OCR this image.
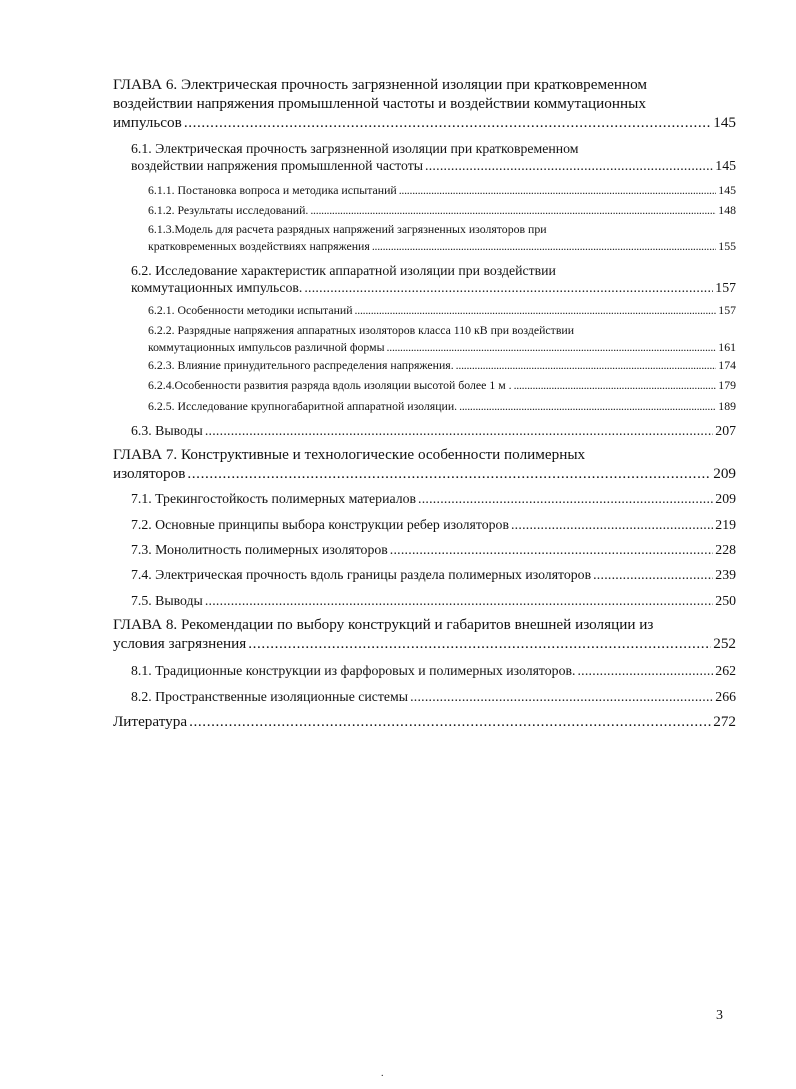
ГЛАВА 6. Электрическая прочность загрязненной изоляции при кратковременном
воздействии напряжения промышленной частоты и воздействии коммутационных
импульсов . . .	145
6.1. Электрическая прочность загрязненной изоляции при кратковременном
воздействии напряжения промышленной частоты . . .	145
6.1.1. Постановка вопроса и методика испытаний . . .	145
6.1.2. Результаты исследований. . . .	148
6.1.3.Модель для расчета разрядных напряжений загрязненных изоляторов при
кратковременных воздействиях напряжения . . .	155
6.2. Исследование характеристик аппаратной изоляции при воздействии
коммутационных импульсов. . . .	157
6.2.1. Особенности методики испытаний . . .	157
6.2.2. Разрядные напряжения аппаратных изоляторов класса 110 кВ при воздействии
коммутационных импульсов различной формы . . .	161
6.2.3. Влияние принудительного распределения напряжения. . . .	174
6.2.4.Особенности развития разряда вдоль изоляции высотой более 1 м . . . .	179
6.2.5. Исследование крупногабаритной аппаратной изоляции. . . .	189
6.3. Выводы . . .	207
ГЛАВА 7. Конструктивные и технологические особенности полимерных
изоляторов . . .	209
7.1. Трекингостойкость полимерных материалов . . .	209
7.2. Основные принципы выбора конструкции ребер изоляторов . . .	219
7.3. Монолитность полимерных изоляторов . . .	228
7.4. Электрическая прочность вдоль границы раздела полимерных изоляторов . . .	239
7.5. Выводы . . .	250
ГЛАВА 8. Рекомендации по выбору конструкций и габаритов внешней изоляции из
условия загрязнения . . .	252
8.1. Традиционные конструкции из фарфоровых и полимерных изоляторов. . . .	262
8.2. Пространственные изоляционные системы . . .	266
Литература . . .	272
3
.
